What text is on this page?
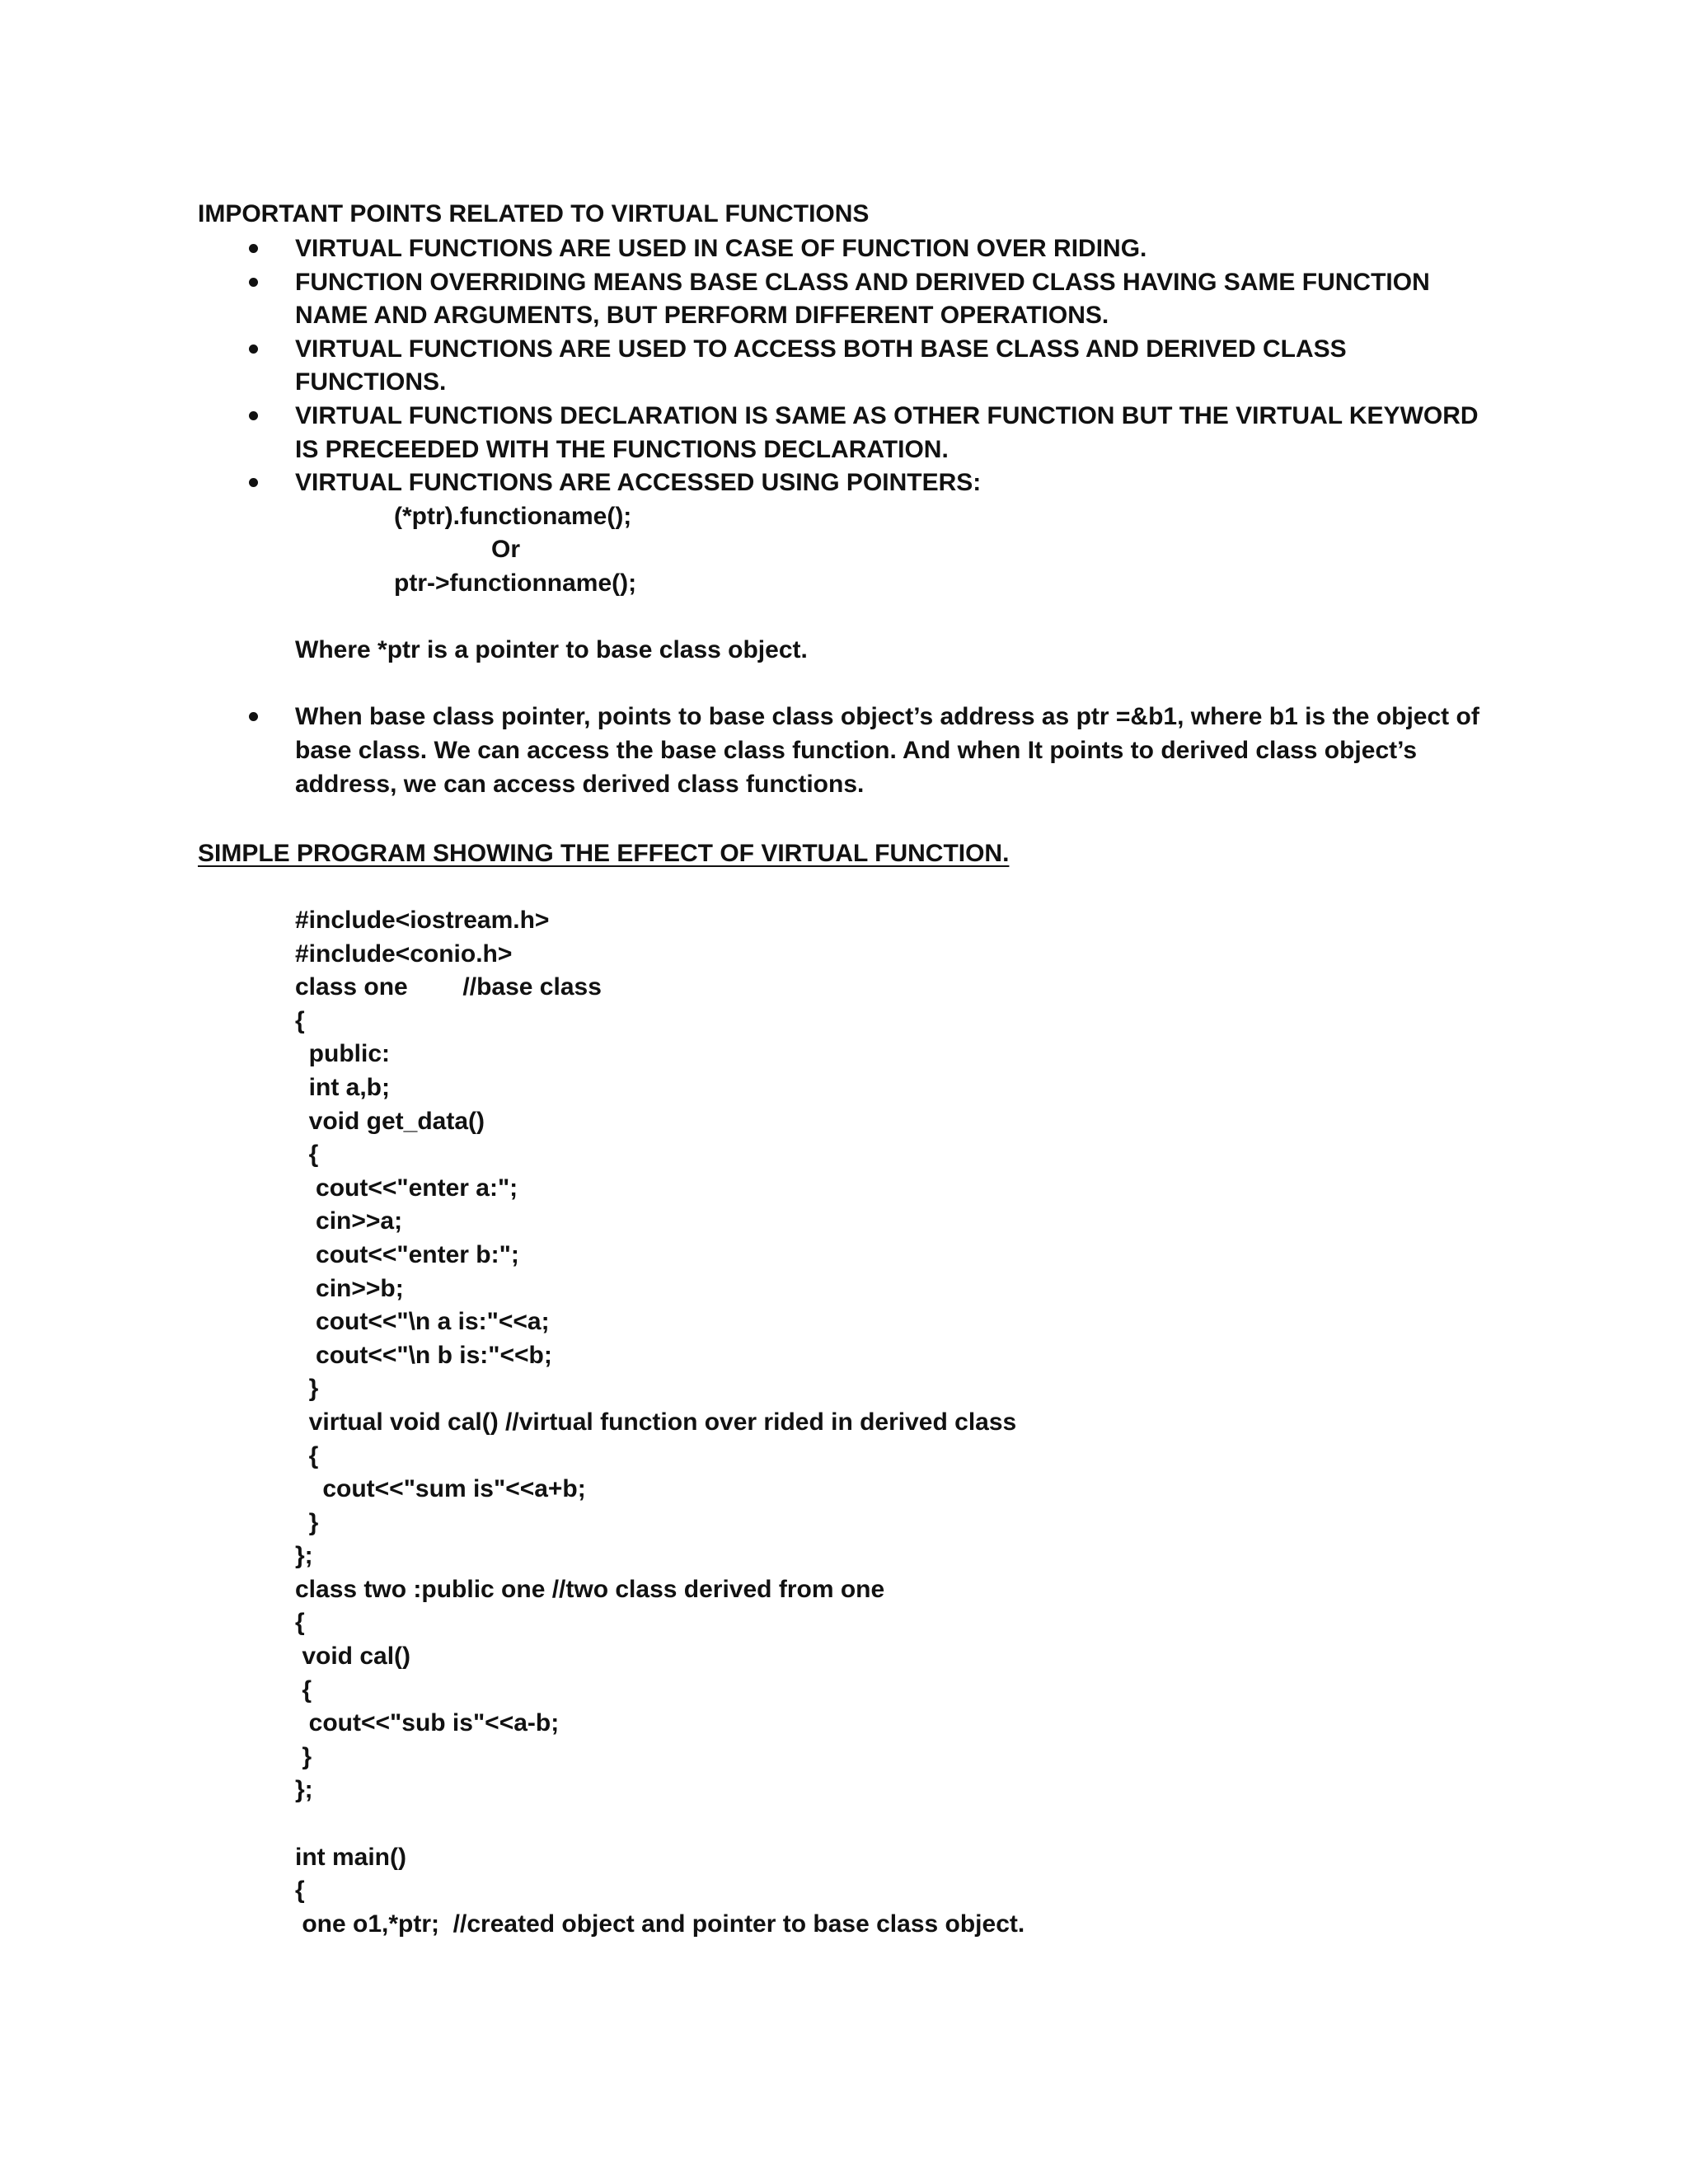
IMPORTANT POINTS RELATED TO VIRTUAL FUNCTIONS
VIRTUAL FUNCTIONS ARE USED IN CASE OF FUNCTION OVER RIDING.
FUNCTION OVERRIDING MEANS BASE CLASS AND DERIVED CLASS HAVING SAME FUNCTION NAME AND ARGUMENTS, BUT PERFORM DIFFERENT OPERATIONS.
VIRTUAL FUNCTIONS ARE USED TO ACCESS BOTH BASE CLASS AND DERIVED CLASS FUNCTIONS.
VIRTUAL FUNCTIONS DECLARATION IS SAME AS OTHER FUNCTION BUT THE VIRTUAL KEYWORD IS PRECEEDED WITH THE FUNCTIONS DECLARATION.
VIRTUAL FUNCTIONS ARE ACCESSED USING POINTERS:
(*ptr).functioname();
Or
ptr->functionname();
Where *ptr is a pointer to base class object.
When base class pointer, points to base class object’s address as ptr =&b1, where b1 is the object of base class. We can access the base class function. And when It points to derived class object’s address, we can access derived class functions.
SIMPLE PROGRAM SHOWING THE EFFECT OF VIRTUAL FUNCTION.
#include<iostream.h>
#include<conio.h>
class one        //base class
{
public:
int a,b;
void get_data()
{
cout<<"enter a:";
cin>>a;
cout<<"enter b:";
cin>>b;
cout<<"\n a is:"<<a;
cout<<"\n b is:"<<b;
}
virtual void cal() //virtual function over rided in derived class
{
cout<<"sum is"<<a+b;
}
};
class two :public one //two class derived from one
{
void cal()
{
cout<<"sub is"<<a-b;
}
};
int main()
{
one o1,*ptr;  //created object and pointer to base class object.
